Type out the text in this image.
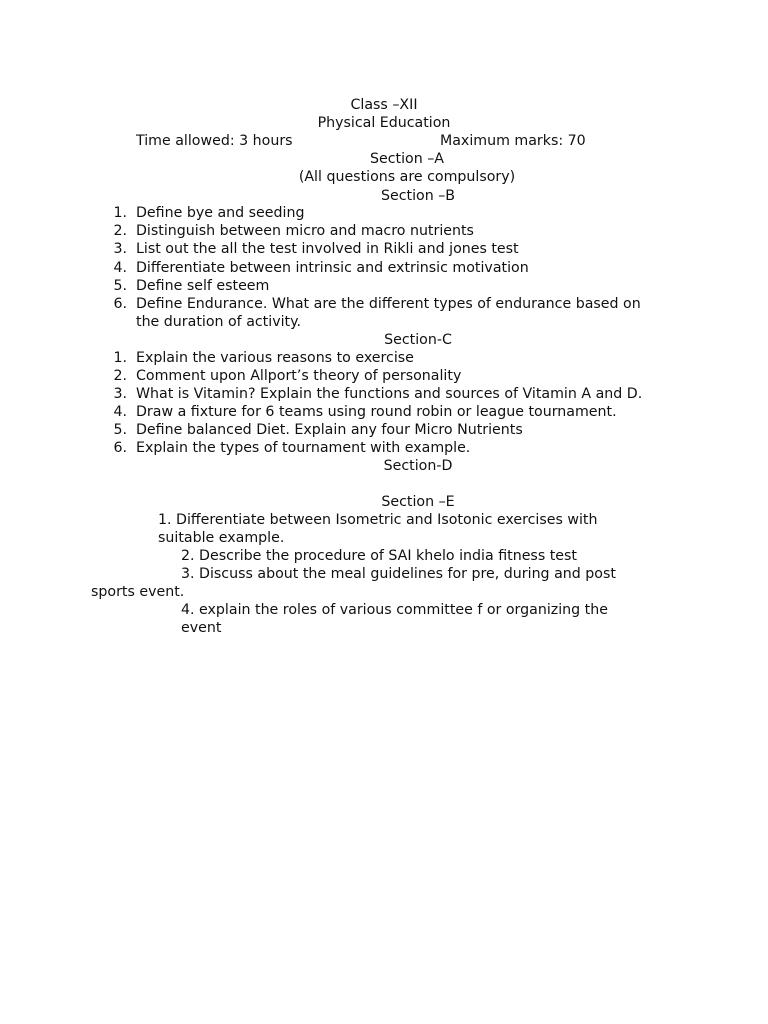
Class –XII
Physical Education
Time allowed: 3 hours	Maximum marks: 70
Section –A
(All questions are compulsory)
Section –B
1. Define bye and seeding
2. Distinguish between micro and macro nutrients
3. List out the all the test involved in Rikli and jones test
4. Differentiate between intrinsic and extrinsic motivation
5. Define self esteem
6. Define Endurance. What are the different types of endurance based on
the duration of activity.
Section-C
1. Explain the various reasons to exercise
2. Comment upon Allport’s theory of personality
3. What is Vitamin? Explain the functions and sources of Vitamin A and D.
4. Draw a fixture for 6 teams using round robin or league tournament.
5. Define balanced Diet. Explain any four Micro Nutrients
6. Explain the types of tournament with example.
Section-D
Section –E
1. Differentiate between Isometric and Isotonic exercises with
suitable example.
2. Describe the procedure of SAI khelo india fitness test
3. Discuss about the meal guidelines for pre, during and post
sports event.
4. explain the roles of various committee f or organizing the
event
